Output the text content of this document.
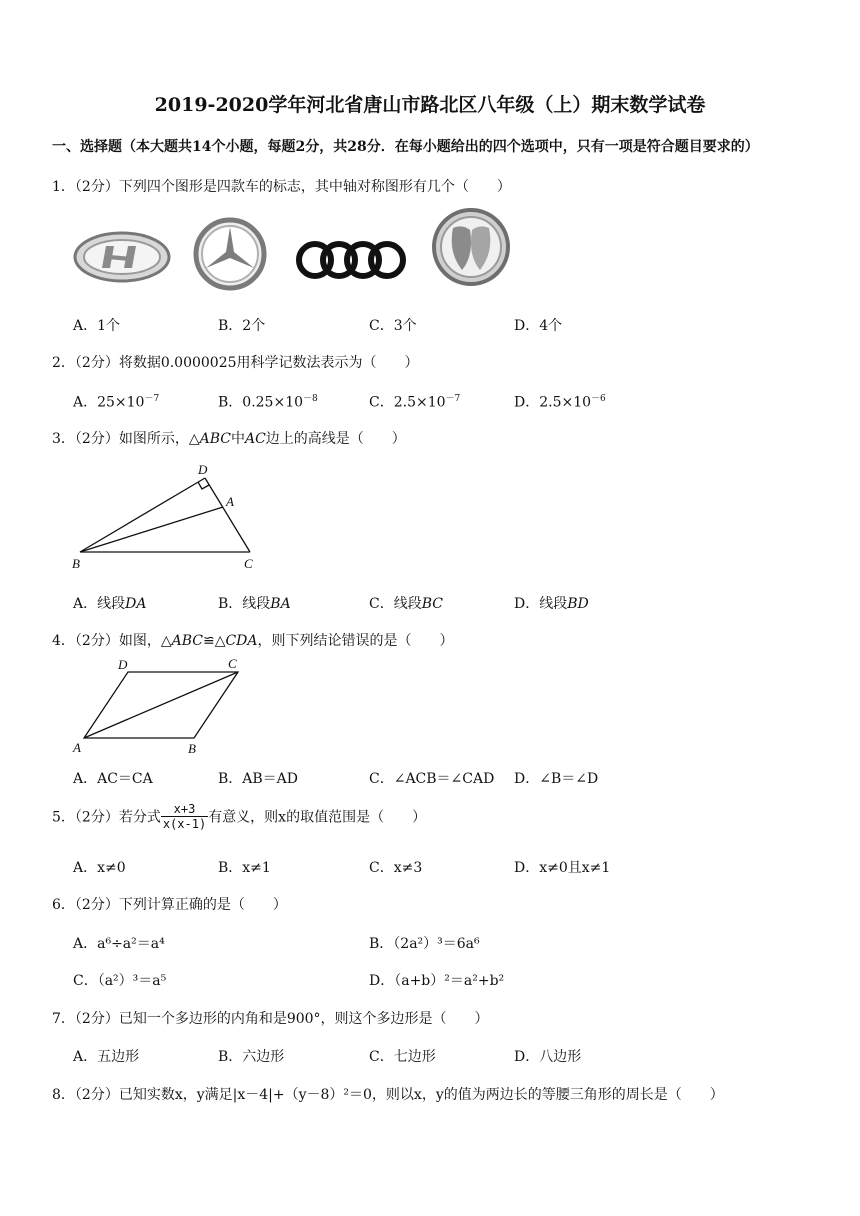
2019-2020学年河北省唐山市路北区八年级（上）期末数学试卷
一、选择题（本大题共14个小题，每题2分，共28分．在每小题给出的四个选项中，只有一项是符合题目要求的）
1．（2分）下列四个图形是四款车的标志，其中轴对称图形有几个（　　）
A．1个	B．2个	C．3个	D．4个
2．（2分）将数据0.0000025用科学记数法表示为（　　）
A．$25\times 10^{-7}$	B．$0.25\times 10^{-8}$	C．$2.5\times 10^{-7}$	D．$2.5\times 10^{-6}$
3．（2分）如图所示，△ABC中AC边上的高线是（　　）
D
A
B	C
A．线段DA	B．线段BA	C．线段BC	D．线段BD
4．（2分）如图，△ABC≌△CDA，则下列结论错误的是（　　）
D	C
A	B
A．AC＝CA	B．AB＝AD	C．∠ACB＝∠CAD D．∠B＝∠D
5．（2分）若分式 $\frac{x+3}{x(x-1)}$ 有意义，则x的取值范围是（　　）
A．x≠0	B．x≠1	C．x≠3	D．x≠0且x≠1
6．（2分）下列计算正确的是（　　）
A．a⁶÷a²＝a⁴	B．（2a²）³＝6a⁶
C．（a²）³＝a⁵	D．（a+b）²＝a²+b²
7．（2分）已知一个多边形的内角和是900°，则这个多边形是（　　）
A．五边形	B．六边形	C．七边形	D．八边形
8．（2分）已知实数x，y满足|x－4|+（y－8）²＝0，则以x，y的值为两边长的等腰三角形的周长是（　　）
